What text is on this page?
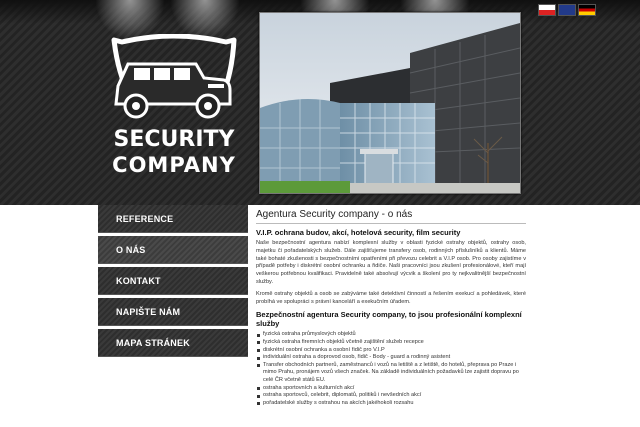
SECURITY
COMPANY
REFERENCE
O NÁS
KONTAKT
NAPIŠTE NÁM
MAPA STRÁNEK
Agentura Security company - o nás
V.I.P. ochrana budov, akcí, hotelová security, film security

Naše bezpečnostní agentura nabízí komplexní služby v oblasti fyzické ostrahy objektů, ostrahy osob, majetku či pořadatelských služeb. Dále zajišťujeme transfery osob, rodinných příslušníků a klientů. Máme také bohaté zkušenosti s bezpečnostními opatřeními při převozu celebrit a V.I.P osob. Pro osoby zajistíme v případě potřeby i diskrétní osobní ochranku a řidiče. Naši pracovníci jsou zkušení profesionálové, kteří mají veškerou potřebnou kvalifikaci. Pravidelně také absolvují výcvik a školení pro ty nejkvalitnější bezpečnostní služby.

Kromě ostrahy objektů a osob se zabýváme také detektivní činností a řešením exekucí a pohledávek, které probíhá ve spolupráci s právní kanceláří a exekučním úřadem.

Bezpečnostní agentura Security company, to jsou profesionální komplexní služby
fyzická ostraha průmyslových objektů
fyzická ostraha firemních objektů včetně zajištění služeb recepce
diskrétní osobní ochranka a osobní řidič pro V.I.P
individuální ostraha a doprovod osob, řidič - Body - guard a rodinný asistent
Transfer obchodních partnerů, zaměstnanců i vozů na letiště a z letiště, do hotelů, přeprava po Praze i mimo Prahu, pronájem vozů všech značek. Na základě individuálních požadavků lze zajistit dopravu po celé ČR včetně států EU.
ostraha sportovních a kulturních akcí
ostraha sportovců, celebrit, diplomatů, politiků i nevšedních akcí
pořadatelské služby s ostrahou na akcích jakéhokoli rozsahu
